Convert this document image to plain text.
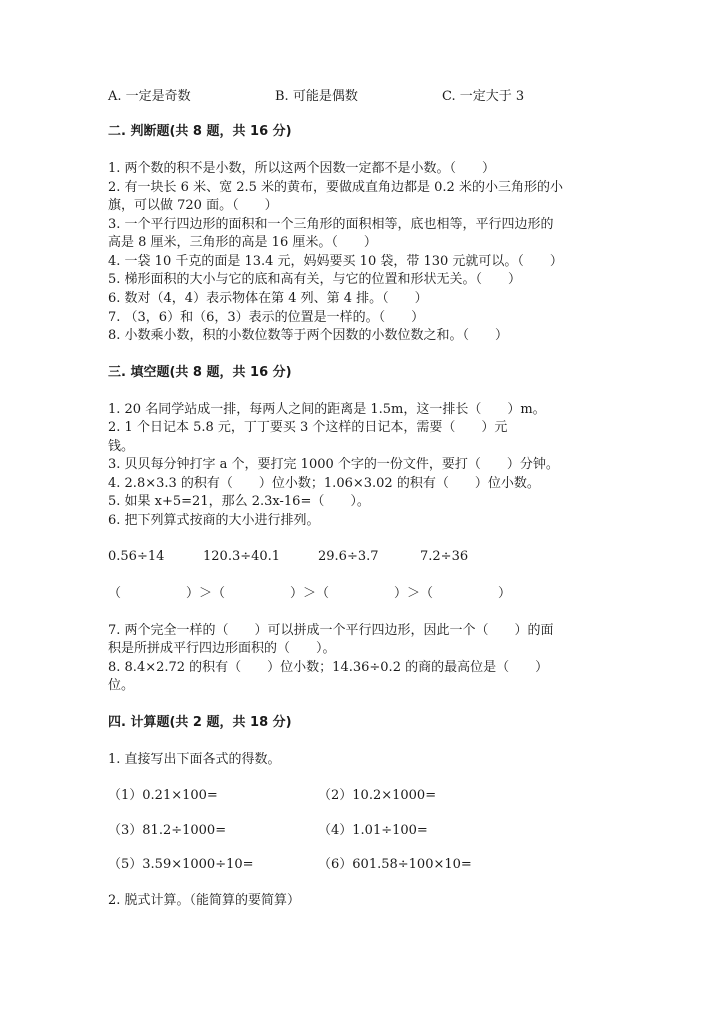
A. 一定是奇数	B. 可能是偶数	C. 一定大于 3
二. 判断题(共 8 题，共 16 分)
1. 两个数的积不是小数，所以这两个因数一定都不是小数。（　　）
2. 有一块长 6 米、宽 2.5 米的黄布，要做成直角边都是 0.2 米的小三角形的小
旗，可以做 720 面。（　　）
3. 一个平行四边形的面积和一个三角形的面积相等，底也相等，平行四边形的
高是 8 厘米，三角形的高是 16 厘米。（　　）
4. 一袋 10 千克的面是 13.4 元，妈妈要买 10 袋，带 130 元就可以。（　　）
5. 梯形面积的大小与它的底和高有关，与它的位置和形状无关。（　　）
6. 数对（4，4）表示物体在第 4 列、第 4 排。（　　）
7. （3，6）和（6，3）表示的位置是一样的。（　　）
8. 小数乘小数，积的小数位数等于两个因数的小数位数之和。（　　）
三. 填空题(共 8 题，共 16 分)
1. 20 名同学站成一排，每两人之间的距离是 1.5m，这一排长（　　）m。
2. 1 个日记本 5.8 元，丁丁要买 3 个这样的日记本，需要（　　）元
钱。
3. 贝贝每分钟打字 a 个，要打完 1000 个字的一份文件，要打（　　）分钟。
4. 2.8×3.3 的积有（　　）位小数；1.06×3.02 的积有（　　）位小数。
5. 如果 x+5=21，那么 2.3x-16=（　　）。
6. 把下列算式按商的大小进行排列。
0.56÷14	120.3÷40.1	29.6÷3.7	7.2÷36
（　　　　　）＞（　　　　　）＞（　　　　　）＞（　　　　　）
7. 两个完全一样的（　　）可以拼成一个平行四边形，因此一个（　　）的面
积是所拼成平行四边形面积的（　　）。
8. 8.4×2.72 的积有（　　）位小数；14.36÷0.2 的商的最高位是（　　）
位。
四. 计算题(共 2 题，共 18 分)
1. 直接写出下面各式的得数。
（1）0.21×100=	（2）10.2×1000=
（3）81.2÷1000=	（4）1.01÷100=
（5）3.59×1000÷10=	（6）601.58÷100×10=
2. 脱式计算。（能简算的要简算）
